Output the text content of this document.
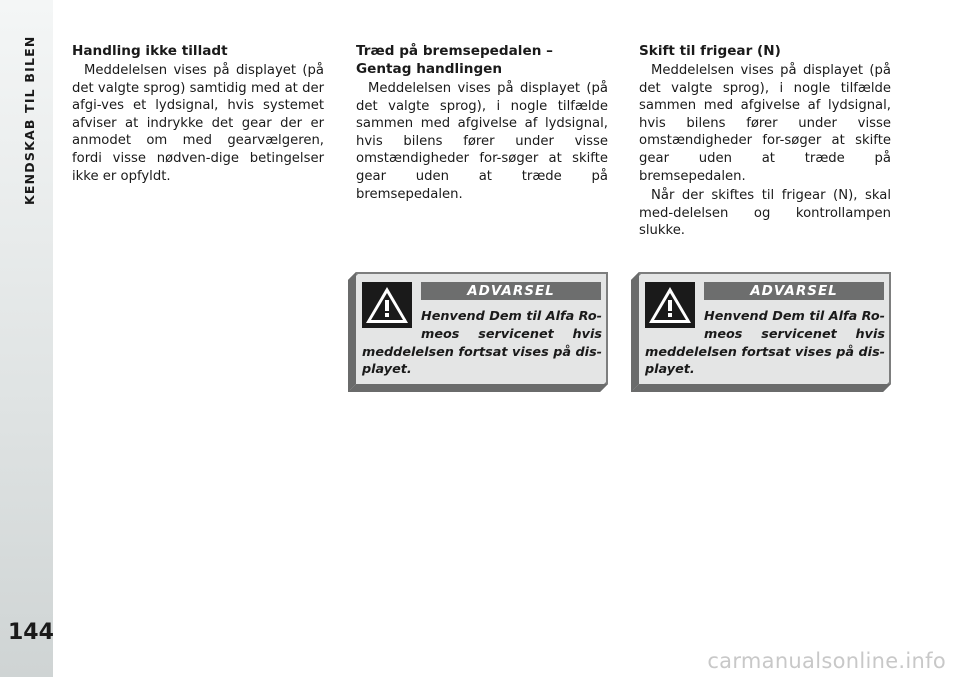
KENDSKAB TIL BILEN
144
Handling ikke tilladt

Meddelelsen vises på displayet (på det valgte sprog) samtidig med at der afgi-ves et lydsignal, hvis systemet afviser at indrykke det gear der er anmodet om med gearvælgeren, fordi visse nødven-dige betingelser ikke er opfyldt.

Træd på bremsepedalen – Gentag handlingen

Meddelelsen vises på displayet (på det valgte sprog), i nogle tilfælde sammen med afgivelse af lydsignal, hvis bilens fører under visse omstændigheder for-søger at skifte gear uden at træde på bremsepedalen.

Skift til frigear (N)

Meddelelsen vises på displayet (på det valgte sprog), i nogle tilfælde sammen med afgivelse af lydsignal, hvis bilens fører under visse omstændigheder for-søger at skifte gear uden at træde på bremsepedalen.

Når der skiftes til frigear (N), skal med-delelsen og kontrollampen slukke.

ADVARSEL
Henvend Dem til Alfa Ro-meos servicenet hvis meddelelsen fortsat vises på dis-playet.
ADVARSEL
Henvend Dem til Alfa Ro-meos servicenet hvis meddelelsen fortsat vises på dis-playet.
carmanualsonline.info
